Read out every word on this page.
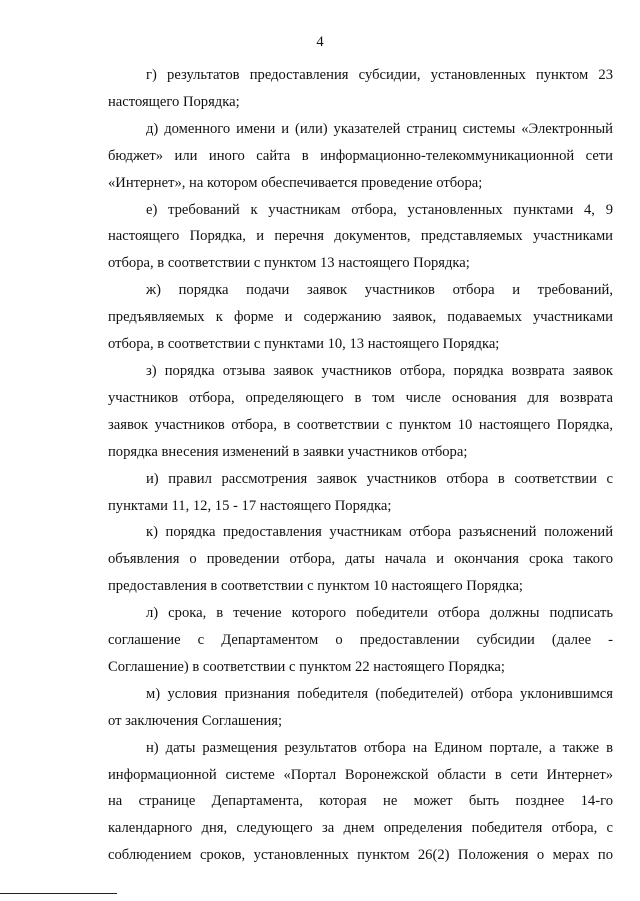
4
г) результатов предоставления субсидии, установленных пунктом 23
настоящего Порядка;
д) доменного имени и (или) указателей страниц системы «Электронный
бюджет» или иного сайта в информационно-телекоммуникационной сети
«Интернет», на котором обеспечивается проведение отбора;
е) требований к участникам отбора, установленных пунктами 4, 9
настоящего Порядка, и перечня документов, представляемых участниками
отбора, в соответствии с пунктом 13 настоящего Порядка;
ж) порядка подачи заявок участников отбора и требований,
предъявляемых к форме и содержанию заявок, подаваемых участниками
отбора, в соответствии с пунктами 10, 13 настоящего Порядка;
з) порядка отзыва заявок участников отбора, порядка возврата заявок
участников отбора, определяющего в том числе основания для возврата
заявок участников отбора, в соответствии с пунктом 10 настоящего Порядка,
порядка внесения изменений в заявки участников отбора;
и) правил рассмотрения заявок участников отбора в соответствии с
пунктами 11, 12, 15 - 17 настоящего Порядка;
к) порядка предоставления участникам отбора разъяснений положений
объявления о проведении отбора, даты начала и окончания срока такого
предоставления в соответствии с пунктом 10 настоящего Порядка;
л) срока, в течение которого победители отбора должны подписать
соглашение с Департаментом о предоставлении субсидии (далее -
Соглашение) в соответствии с пунктом 22 настоящего Порядка;
м) условия признания победителя (победителей) отбора уклонившимся
от заключения Соглашения;
н) даты размещения результатов отбора на Едином портале, а также в
информационной системе «Портал Воронежской области в сети Интернет»
на странице Департамента, которая не может быть позднее 14-го
календарного дня, следующего за днем определения победителя отбора, с
соблюдением сроков, установленных пунктом 26(2) Положения о мерах по
